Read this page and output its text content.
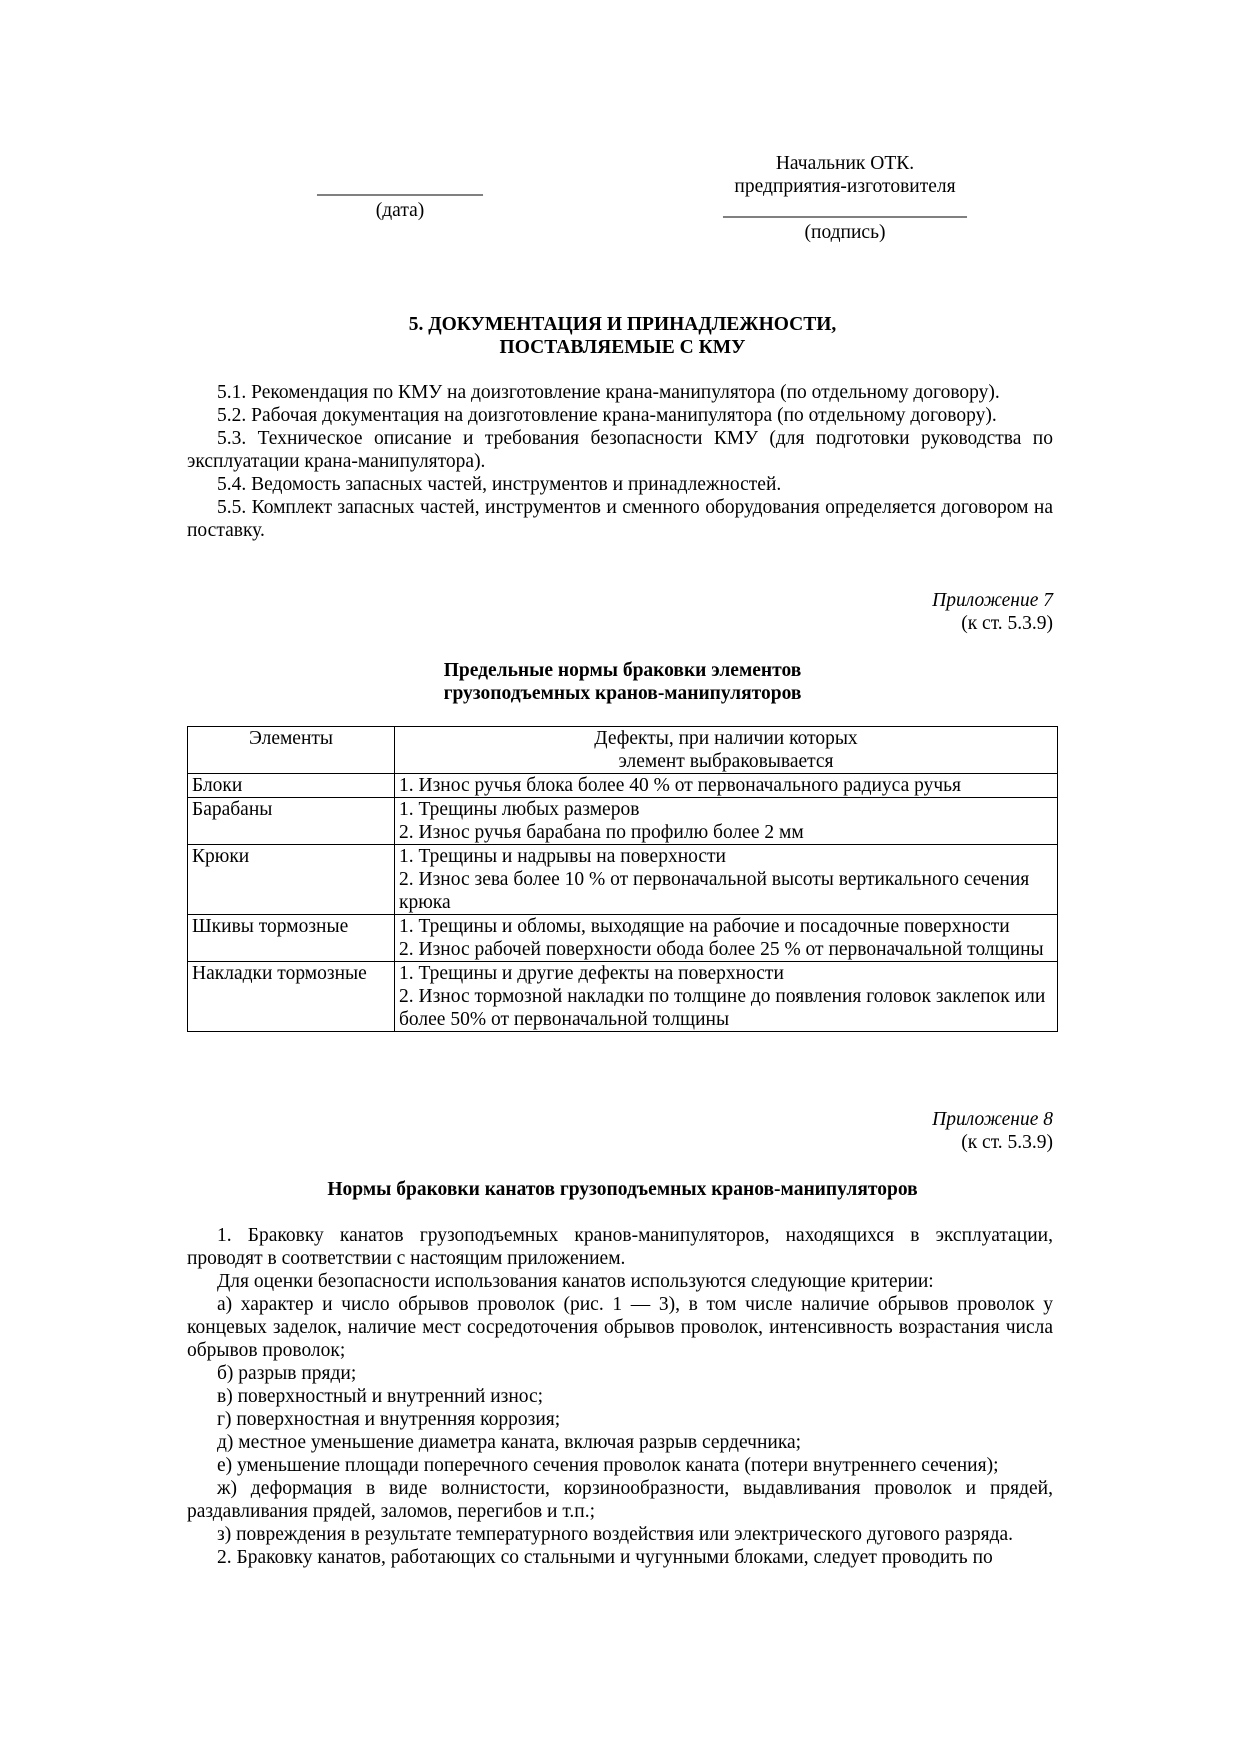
_________________
(дата)
Начальник ОТК.
предприятия-изготовителя
_________________________
(подпись)
5. ДОКУМЕНТАЦИЯ И ПРИНАДЛЕЖНОСТИ,
ПОСТАВЛЯЕМЫЕ С КМУ

5.1. Рекомендация по КМУ на доизготовление крана-манипулятора (по отдельному договору).

5.2. Рабочая документация на доизготовление крана-манипулятора (по отдельному договору).

5.3. Техническое описание и требования безопасности КМУ (для подготовки руководства по эксплуатации крана-манипулятора).

5.4. Ведомость запасных частей, инструментов и принадлежностей.

5.5. Комплект запасных частей, инструментов и сменного оборудования определяется договором на поставку.

Приложение 7
(к ст. 5.3.9)
Предельные нормы браковки элементов
грузоподъемных кранов-манипуляторов
Элементы	Дефекты, при наличии которых
элемент выбраковывается

Блоки	1. Износ ручья блока более 40 % от первоначального радиуса ручья

Барабаны	1. Трещины любых размеров
2. Износ ручья барабана по профилю более 2 мм

Крюки	1. Трещины и надрывы на поверхности
2. Износ зева более 10 % от первоначальной высоты вертикального сечения крюка

Шкивы тормозные	1. Трещины и обломы, выходящие на рабочие и посадочные поверхности
2. Износ рабочей поверхности обода более 25 % от первоначальной толщины

Накладки тормозные	1. Трещины и другие дефекты на поверхности
2. Износ тормозной накладки по толщине до появления головок заклепок или более 50% от первоначальной толщины
Приложение 8
(к ст. 5.3.9)
Нормы браковки канатов грузоподъемных кранов-манипуляторов

1. Браковку канатов грузоподъемных кранов-манипуляторов, находящихся в эксплуатации, проводят в соответствии с настоящим приложением.

Для оценки безопасности использования канатов используются следующие критерии:

а) характер и число обрывов проволок (рис. 1 — 3), в том числе наличие обрывов проволок у концевых заделок, наличие мест сосредоточения обрывов проволок, интенсивность возрастания числа обрывов проволок;

б) разрыв пряди;

в) поверхностный и внутренний износ;

г) поверхностная и внутренняя коррозия;

д) местное уменьшение диаметра каната, включая разрыв сердечника;

е) уменьшение площади поперечного сечения проволок каната (потери внутреннего сечения);

ж) деформация в виде волнистости, корзинообразности, выдавливания проволок и прядей, раздавливания прядей, заломов, перегибов и т.п.;

з) повреждения в результате температурного воздействия или электрического дугового разряда.

2. Браковку канатов, работающих со стальными и чугунными блоками, следует проводить по
